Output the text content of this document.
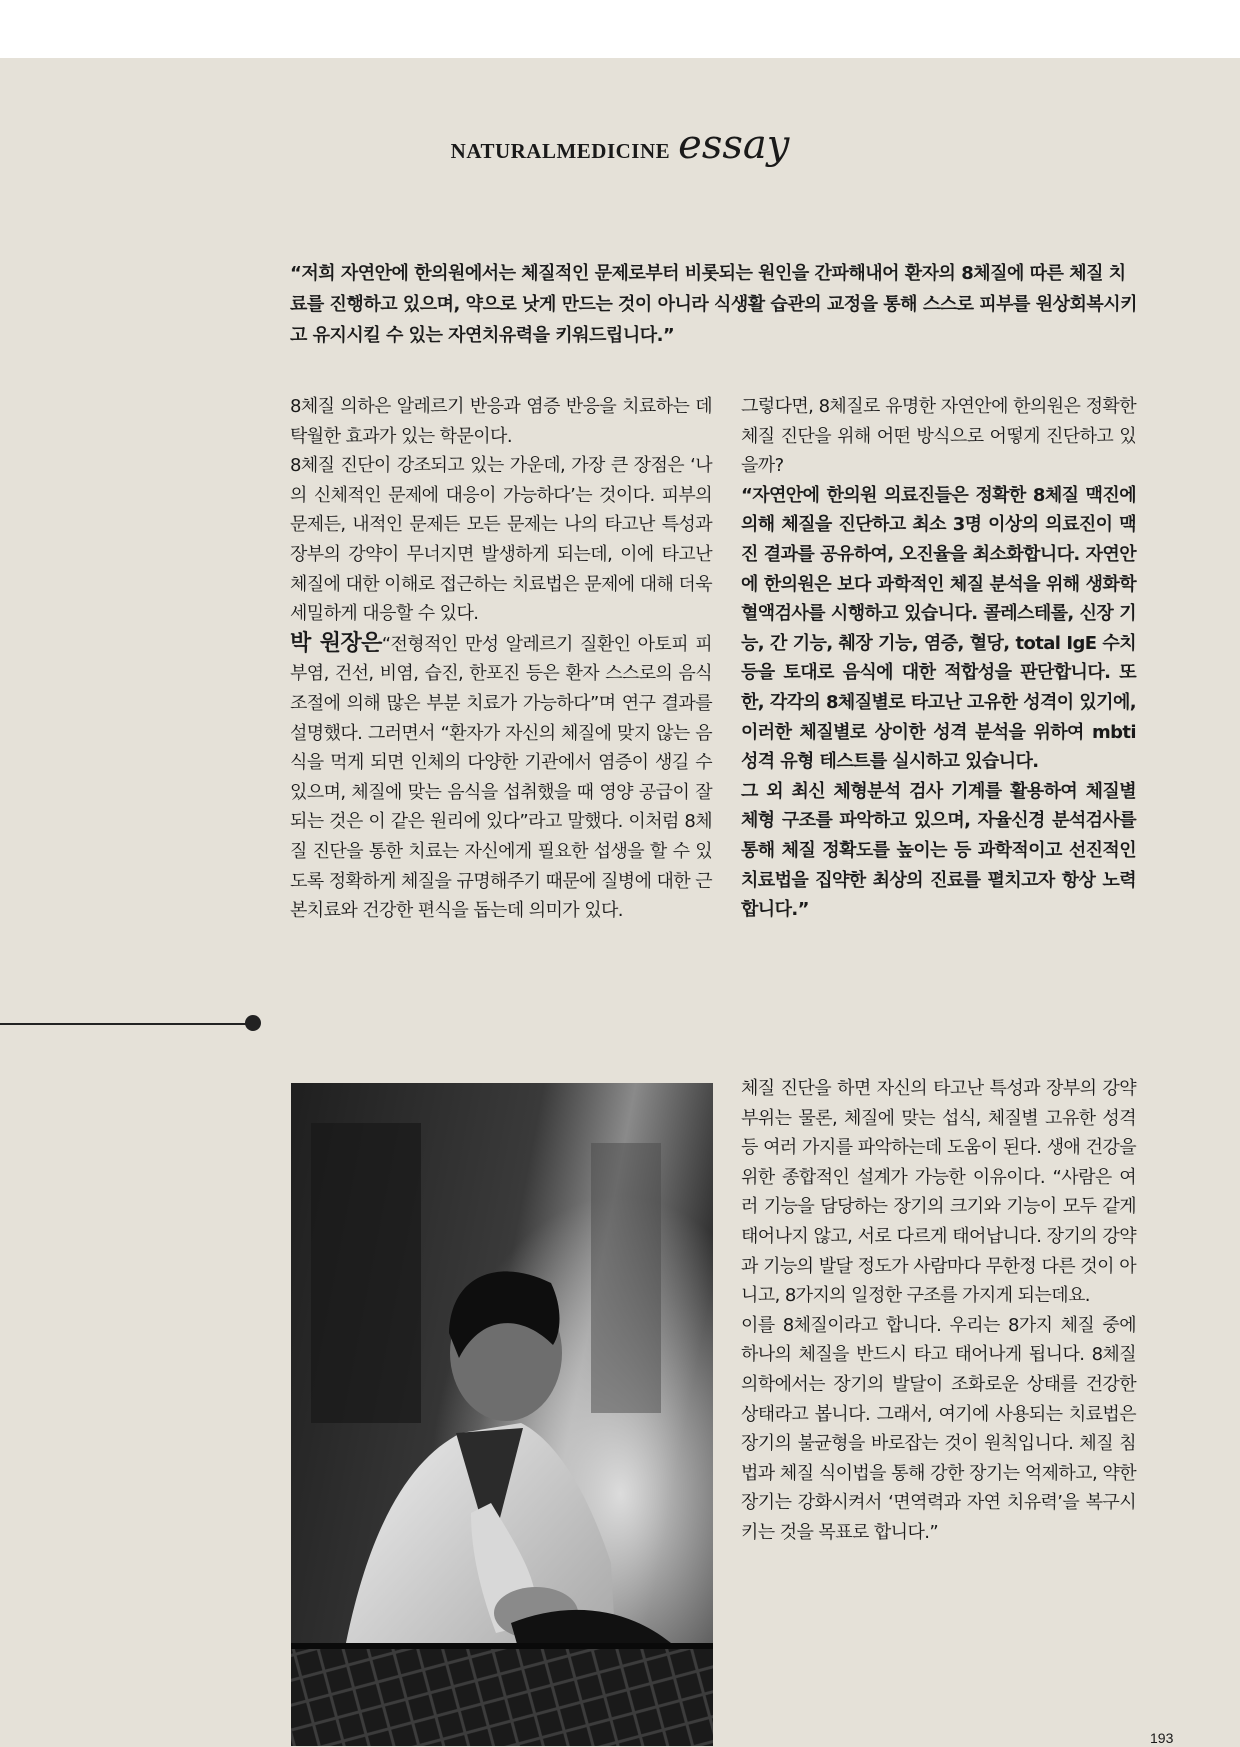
NATURALMEDICINE essay

“저희 자연안에 한의원에서는 체질적인 문제로부터 비롯되는 원인을 간파해내어 환자의 8체질에 따른 체질 치료를 진행하고 있으며, 약으로 낫게 만드는 것이 아니라 식생활 습관의 교정을 통해 스스로 피부를 원상회복시키고 유지시킬 수 있는 자연치유력을 키워드립니다.”

8체질 의하은 알레르기 반응과 염증 반응을 치료하는 데 탁월한 효과가 있는 학문이다.

8체질 진단이 강조되고 있는 가운데, 가장 큰 장점은 ‘나의 신체적인 문제에 대응이 가능하다’는 것이다. 피부의 문제든, 내적인 문제든 모든 문제는 나의 타고난 특성과 장부의 강약이 무너지면 발생하게 되는데, 이에 타고난 체질에 대한 이해로 접근하는 치료법은 문제에 대해 더욱 세밀하게 대응할 수 있다.

박 원장은“전형적인 만성 알레르기 질환인 아토피 피부염, 건선, 비염, 습진, 한포진 등은 환자 스스로의 음식 조절에 의해 많은 부분 치료가 가능하다”며 연구 결과를 설명했다. 그러면서 “환자가 자신의 체질에 맞지 않는 음식을 먹게 되면 인체의 다양한 기관에서 염증이 생길 수 있으며, 체질에 맞는 음식을 섭취했을 때 영양 공급이 잘 되는 것은 이 같은 원리에 있다”라고 말했다. 이처럼 8체질 진단을 통한 치료는 자신에게 필요한 섭생을 할 수 있도록 정확하게 체질을 규명해주기 때문에 질병에 대한 근본치료와 건강한 편식을 돕는데 의미가 있다.

그렇다면, 8체질로 유명한 자연안에 한의원은 정확한 체질 진단을 위해 어떤 방식으로 어떻게 진단하고 있을까?

“자연안에 한의원 의료진들은 정확한 8체질 맥진에 의해 체질을 진단하고 최소 3명 이상의 의료진이 맥진 결과를 공유하여, 오진율을 최소화합니다. 자연안에 한의원은 보다 과학적인 체질 분석을 위해 생화학 혈액검사를 시행하고 있습니다. 콜레스테롤, 신장 기능, 간 기능, 췌장 기능, 염증, 혈당, total IgE 수치 등을 토대로 음식에 대한 적합성을 판단합니다. 또한, 각각의 8체질별로 타고난 고유한 성격이 있기에, 이러한 체질별로 상이한 성격 분석을 위하여 mbti 성격 유형 테스트를 실시하고 있습니다.

그 외 최신 체형분석 검사 기계를 활용하여 체질별 체형 구조를 파악하고 있으며, 자율신경 분석검사를 통해 체질 정확도를 높이는 등 과학적이고 선진적인 치료법을 집약한 최상의 진료를 펼치고자 항상 노력합니다.”

체질 진단을 하면 자신의 타고난 특성과 장부의 강약 부위는 물론, 체질에 맞는 섭식, 체질별 고유한 성격 등 여러 가지를 파악하는데 도움이 된다. 생애 건강을 위한 종합적인 설계가 가능한 이유이다. “사람은 여러 기능을 담당하는 장기의 크기와 기능이 모두 같게 태어나지 않고, 서로 다르게 태어납니다. 장기의 강약과 기능의 발달 정도가 사람마다 무한정 다른 것이 아니고, 8가지의 일정한 구조를 가지게 되는데요.

이를 8체질이라고 합니다. 우리는 8가지 체질 중에 하나의 체질을 반드시 타고 태어나게 됩니다. 8체질 의학에서는 장기의 발달이 조화로운 상태를 건강한 상태라고 봅니다. 그래서, 여기에 사용되는 치료법은 장기의 불균형을 바로잡는 것이 원칙입니다. 체질 침법과 체질 식이법을 통해 강한 장기는 억제하고, 약한 장기는 강화시켜서 ‘면역력과 자연 치유력’을 복구시키는 것을 목표로 합니다.”

193
